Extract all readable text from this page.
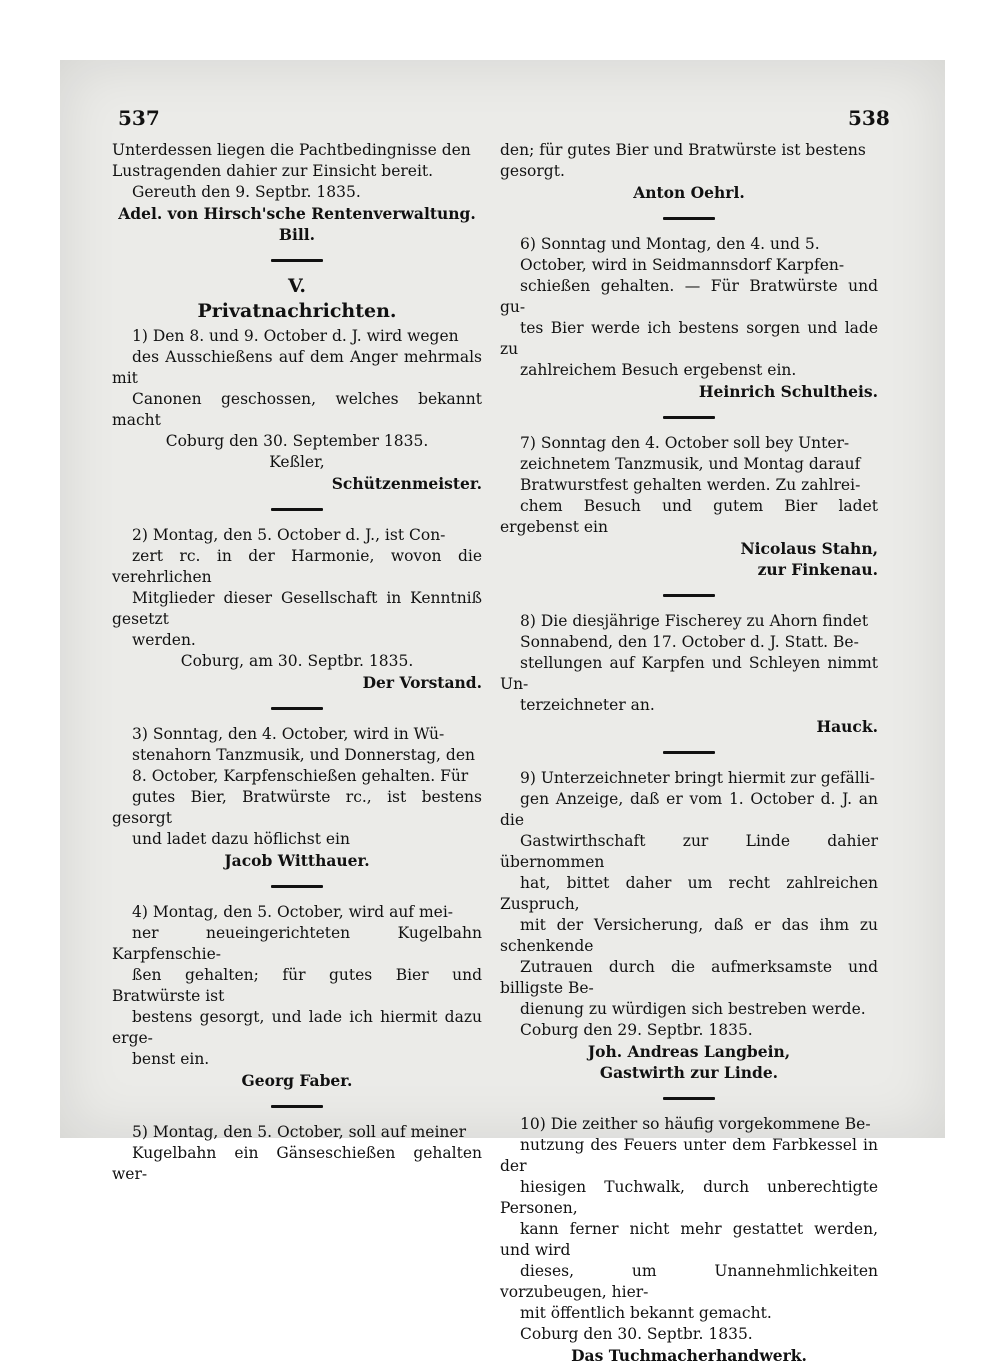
537	538
Unterdessen liegen die Pachtbedingnisse den
Lustragenden dahier zur Einsicht bereit.
Gereuth den 9. Septbr. 1835.
Adel. von Hirsch'sche Rentenverwaltung.
Bill.
V.
Privatnachrichten.
1) Den 8. und 9. October d. J. wird wegen
des Ausschießens auf dem Anger mehrmals mit
Canonen geschossen, welches bekannt macht
Coburg den 30. September 1835.
Keßler,
Schützenmeister.
2) Montag, den 5. October d. J., ist Con-
zert rc. in der Harmonie, wovon die verehrlichen
Mitglieder dieser Gesellschaft in Kenntniß gesetzt
werden.
Coburg, am 30. Septbr. 1835.
Der Vorstand.
3) Sonntag, den 4. October, wird in Wü-
stenahorn Tanzmusik, und Donnerstag, den
8. October, Karpfenschießen gehalten. Für
gutes Bier, Bratwürste rc., ist bestens gesorgt
und ladet dazu höflichst ein
Jacob Witthauer.
4) Montag, den 5. October, wird auf mei-
ner neueingerichteten Kugelbahn Karpfenschie-
ßen gehalten; für gutes Bier und Bratwürste ist
bestens gesorgt, und lade ich hiermit dazu erge-
benst ein.
Georg Faber.
5) Montag, den 5. October, soll auf meiner
Kugelbahn ein Gänseschießen gehalten wer-
den; für gutes Bier und Bratwürste ist bestens
gesorgt.
Anton Oehrl.
6) Sonntag und Montag, den 4. und 5.
October, wird in Seidmannsdorf Karpfen-
schießen gehalten. — Für Bratwürste und gu-
tes Bier werde ich bestens sorgen und lade zu
zahlreichem Besuch ergebenst ein.
Heinrich Schultheis.
7) Sonntag den 4. October soll bey Unter-
zeichnetem Tanzmusik, und Montag darauf
Bratwurstfest gehalten werden. Zu zahlrei-
chem Besuch und gutem Bier ladet ergebenst ein
Nicolaus Stahn,
zur Finkenau.
8) Die diesjährige Fischerey zu Ahorn findet
Sonnabend, den 17. October d. J. Statt. Be-
stellungen auf Karpfen und Schleyen nimmt Un-
terzeichneter an.
Hauck.
9) Unterzeichneter bringt hiermit zur gefälli-
gen Anzeige, daß er vom 1. October d. J. an die
Gastwirthschaft zur Linde dahier übernommen
hat, bittet daher um recht zahlreichen Zuspruch,
mit der Versicherung, daß er das ihm zu schenkende
Zutrauen durch die aufmerksamste und billigste Be-
dienung zu würdigen sich bestreben werde.
Coburg den 29. Septbr. 1835.
Joh. Andreas Langbein,
Gastwirth zur Linde.
10) Die zeither so häufig vorgekommene Be-
nutzung des Feuers unter dem Farbkessel in der
hiesigen Tuchwalk, durch unberechtigte Personen,
kann ferner nicht mehr gestattet werden, und wird
dieses, um Unannehmlichkeiten vorzubeugen, hier-
mit öffentlich bekannt gemacht.
Coburg den 30. Septbr. 1835.
Das Tuchmacherhandwerk.
